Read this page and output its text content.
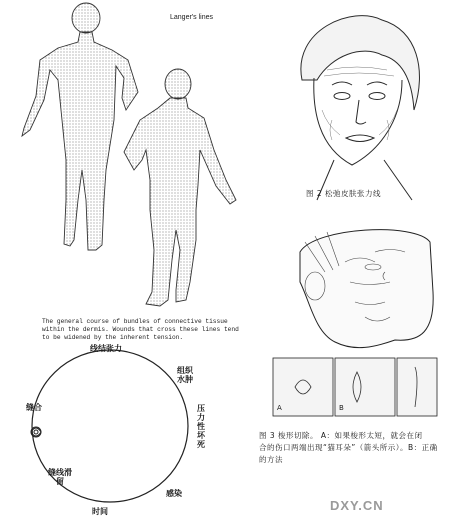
Langer's lines
The general course of bundles of connective tissue within the dermis. Wounds that cross these lines tend to be widened by the inherent tension.
图 2 松弛皮肤张力线
A	B
图 3 梭形切除。 A：如果梭形太短，就会在闭
合的伤口两端出现“猫耳朵”（箭头所示）。B：正确
的方法
线结张力
组织水肿
压力性坏死
感染
时间
缝线滑留
缝合
DXY.CN
